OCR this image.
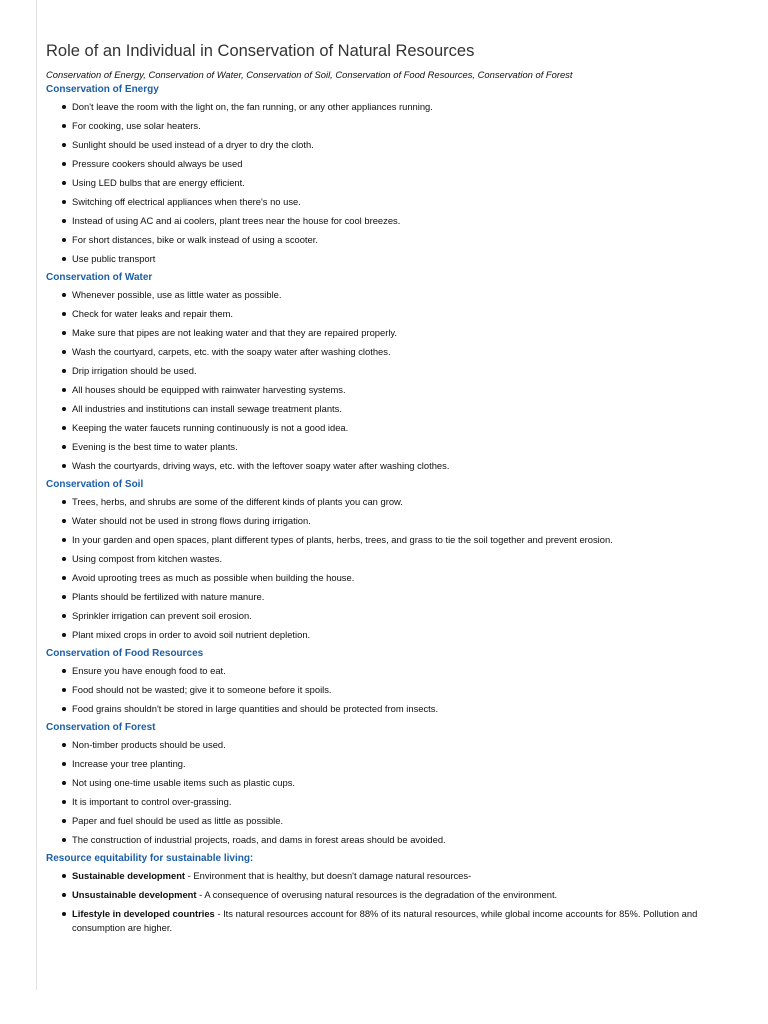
Role of an Individual in Conservation of Natural Resources

Conservation of Energy, Conservation of Water, Conservation of Soil, Conservation of Food Resources, Conservation of Forest

Conservation of Energy
Don't leave the room with the light on, the fan running, or any other appliances running.
For cooking, use solar heaters.
Sunlight should be used instead of a dryer to dry the cloth.
Pressure cookers should always be used
Using LED bulbs that are energy efficient.
Switching off electrical appliances when there's no use.
Instead of using AC and ai coolers, plant trees near the house for cool breezes.
For short distances, bike or walk instead of using a scooter.
Use public transport
Conservation of Water
Whenever possible, use as little water as possible.
Check for water leaks and repair them.
Make sure that pipes are not leaking water and that they are repaired properly.
Wash the courtyard, carpets, etc. with the soapy water after washing clothes.
Drip irrigation should be used.
All houses should be equipped with rainwater harvesting systems.
All industries and institutions can install sewage treatment plants.
Keeping the water faucets running continuously is not a good idea.
Evening is the best time to water plants.
Wash the courtyards, driving ways, etc. with the leftover soapy water after washing clothes.
Conservation of Soil
Trees, herbs, and shrubs are some of the different kinds of plants you can grow.
Water should not be used in strong flows during irrigation.
In your garden and open spaces, plant different types of plants, herbs, trees, and grass to tie the soil together and prevent erosion.
Using compost from kitchen wastes.
Avoid uprooting trees as much as possible when building the house.
Plants should be fertilized with nature manure.
Sprinkler irrigation can prevent soil erosion.
Plant mixed crops in order to avoid soil nutrient depletion.
Conservation of Food Resources
Ensure you have enough food to eat.
Food should not be wasted; give it to someone before it spoils.
Food grains shouldn't be stored in large quantities and should be protected from insects.
Conservation of Forest
Non-timber products should be used.
Increase your tree planting.
Not using one-time usable items such as plastic cups.
It is important to control over-grassing.
Paper and fuel should be used as little as possible.
The construction of industrial projects, roads, and dams in forest areas should be avoided.
Resource equitability for sustainable living:
Sustainable development - Environment that is healthy, but doesn't damage natural resources-
Unsustainable development - A consequence of overusing natural resources is the degradation of the environment.
Lifestyle in developed countries - Its natural resources account for 88% of its natural resources, while global income accounts for 85%. Pollution and consumption are higher.
